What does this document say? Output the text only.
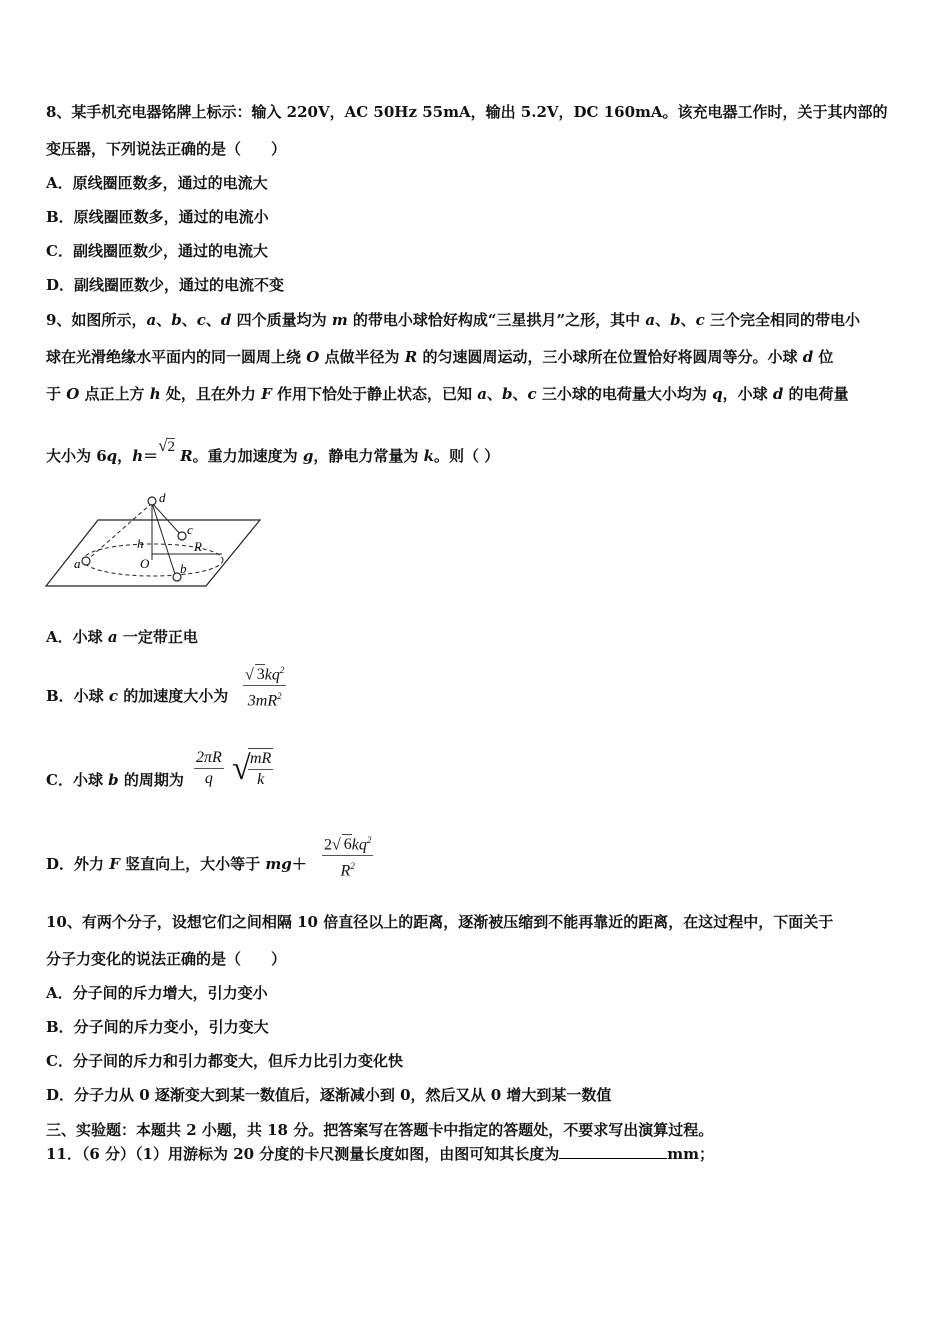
8、某手机充电器铭牌上标示：输入 220V，AC 50Hz 55mA，输出 5.2V，DC 160mA。该充电器工作时，关于其内部的
变压器，下列说法正确的是（　　）
A．原线圈匝数多，通过的电流大
B．原线圈匝数多，通过的电流小
C．副线圈匝数少，通过的电流大
D．副线圈匝数少，通过的电流不变
9、如图所示，a、b、c、d 四个质量均为 m 的带电小球恰好构成“三星拱月”之形，其中 a、b、c 三个完全相同的带电小
球在光滑绝缘水平面内的同一圆周上绕 O 点做半径为 R 的匀速圆周运动，三小球所在位置恰好将圆周等分。小球 d 位
于 O 点正上方 h 处，且在外力 F 作用下恰处于静止状态，已知 a、b、c 三小球的电荷量大小均为 q，小球 d 的电荷量
大小为 6q，h＝√2 R。重力加速度为 g，静电力常量为 k。则（ ）
d
c
h	R
O
a	b
A．小球 a 一定带正电
B．小球 c 的加速度大小为 $\frac{√ 3kq^2}{3mR^2}$
C．小球 b 的周期为 $\frac{2\pi R}{q}$ √
$\frac{mR}{k}$
D．外力 F 竖直向上，大小等于 $mg+ \frac{2√ 6kq^2}{R^2}$
10、有两个分子，设想它们之间相隔 10 倍直径以上的距离，逐渐被压缩到不能再靠近的距离，在这过程中，下面关于
分子力变化的说法正确的是（　　）
A．分子间的斥力增大，引力变小
B．分子间的斥力变小，引力变大
C．分子间的斥力和引力都变大，但斥力比引力变化快
D．分子力从 0 逐渐变大到某一数值后，逐渐减小到 0，然后又从 0 增大到某一数值
三、实验题：本题共 2 小题，共 18 分。把答案写在答题卡中指定的答题处，不要求写出演算过程。
11．（6 分）（1）用游标为 20 分度的卡尺测量长度如图，由图可知其长度为	mm；
